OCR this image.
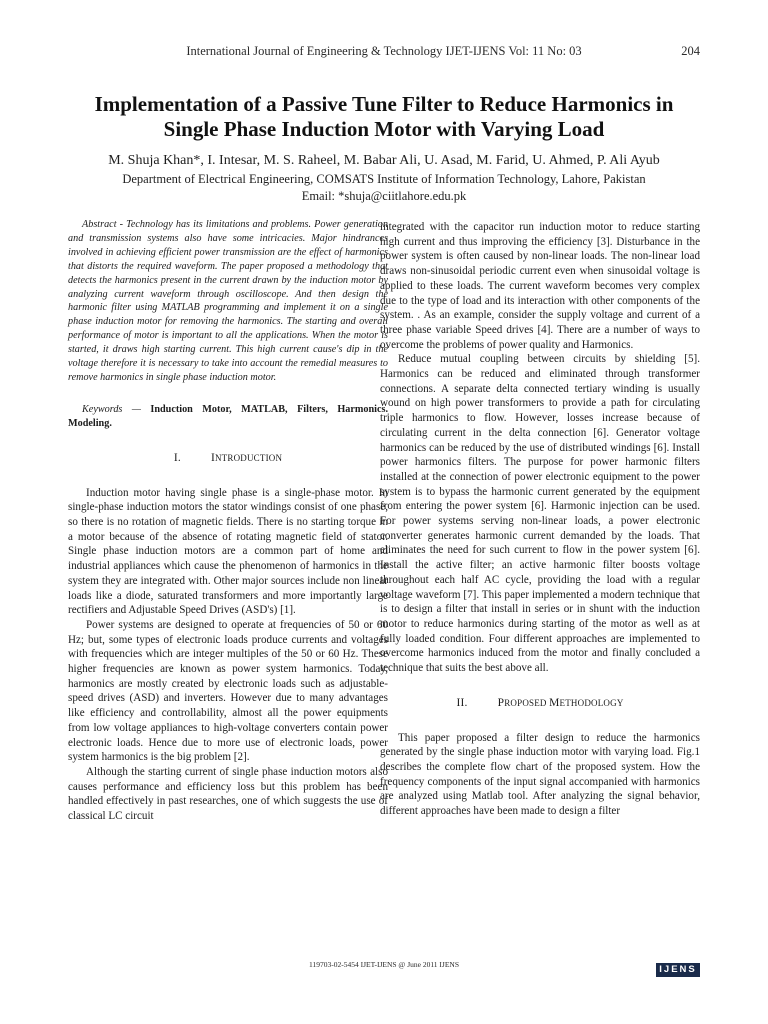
International Journal of Engineering & Technology IJET-IJENS Vol: 11 No: 03	204
Implementation of a Passive Tune Filter to Reduce Harmonics in
Single Phase Induction Motor with Varying Load
M. Shuja Khan*, I. Intesar, M. S. Raheel, M. Babar Ali, U. Asad, M. Farid, U. Ahmed, P. Ali Ayub
Department of Electrical Engineering, COMSATS Institute of Information Technology, Lahore, Pakistan
Email: *shuja@ciitlahore.edu.pk

Abstract - Technology has its limitations and problems. Power generation and transmission systems also have some intricacies. Major hindrances involved in achieving efficient power transmission are the effect of harmonics that distorts the required waveform. The paper proposed a methodology that detects the harmonics present in the current drawn by the induction motor by analyzing current waveform through oscilloscope. And then design the harmonic filter using MATLAB programming and implement it on a single phase induction motor for removing the harmonics. The starting and overall performance of motor is important to all the applications. When the motor is started, it draws high starting current. This high current cause's dip in the voltage therefore it is necessary to take into account the remedial measures to remove harmonics in single phase induction motor.

Keywords — Induction Motor, MATLAB, Filters, Harmonics. Modeling.

I.	INTRODUCTION

Induction motor having single phase is a single-phase motor. In single-phase induction motors the stator windings consist of one phase, so there is no rotation of magnetic fields. There is no starting torque in a motor because of the absence of rotating magnetic field of stator. Single phase induction motors are a common part of home and industrial appliances which cause the phenomenon of harmonics in the system they are integrated with. Other major sources include non linear loads like a diode, saturated transformers and more importantly large rectifiers and Adjustable Speed Drives (ASD's) [1].

Power systems are designed to operate at frequencies of 50 or 60 Hz; but, some types of electronic loads produce currents and voltages with frequencies which are integer multiples of the 50 or 60 Hz. These higher frequencies are known as power system harmonics. Today, harmonics are mostly created by electronic loads such as adjustable-speed drives (ASD) and inverters. However due to many advantages like efficiency and controllability, almost all the power equipments from low voltage appliances to high-voltage converters contain power electronic loads. Hence due to more use of electronic loads, power system harmonics is the big problem [2].

Although the starting current of single phase induction motors also causes performance and efficiency loss but this problem has been handled effectively in past researches, one of which suggests the use of classical LC circuit

integrated with the capacitor run induction motor to reduce starting high current and thus improving the efficiency [3]. Disturbance in the power system is often caused by non-linear loads. The non-linear load draws non-sinusoidal periodic current even when sinusoidal voltage is applied to these loads. The current waveform becomes very complex due to the type of load and its interaction with other components of the system. . As an example, consider the supply voltage and current of a three phase variable Speed drives [4]. There are a number of ways to overcome the problems of power quality and Harmonics.

Reduce mutual coupling between circuits by shielding [5]. Harmonics can be reduced and eliminated through transformer connections. A separate delta connected tertiary winding is usually wound on high power transformers to provide a path for circulating triple harmonics to flow. However, losses increase because of circulating current in the delta connection [6]. Generator voltage harmonics can be reduced by the use of distributed windings [6]. Install power harmonics filters. The purpose for power harmonic filters installed at the connection of power electronic equipment to the power system is to bypass the harmonic current generated by the equipment from entering the power system [6]. Harmonic injection can be used. For power systems serving non-linear loads, a power electronic converter generates harmonic current demanded by the loads. That eliminates the need for such current to flow in the power system [6]. Install the active filter; an active harmonic filter boosts voltage throughout each half AC cycle, providing the load with a regular voltage waveform [7]. This paper implemented a modern technique that is to design a filter that install in series or in shunt with the induction motor to reduce harmonics during starting of the motor as well as at fully loaded condition. Four different approaches are implemented to overcome harmonics induced from the motor and finally concluded a technique that suits the best above all.

II.	PROPOSED METHODOLOGY

This paper proposed a filter design to reduce the harmonics generated by the single phase induction motor with varying load. Fig.1 describes the complete flow chart of the proposed system. How the frequency components of the input signal accompanied with harmonics are analyzed using Matlab tool. After analyzing the signal behavior, different approaches have been made to design a filter

119703-02-5454 IJET-IJENS @ June 2011 IJENS	IJENS
